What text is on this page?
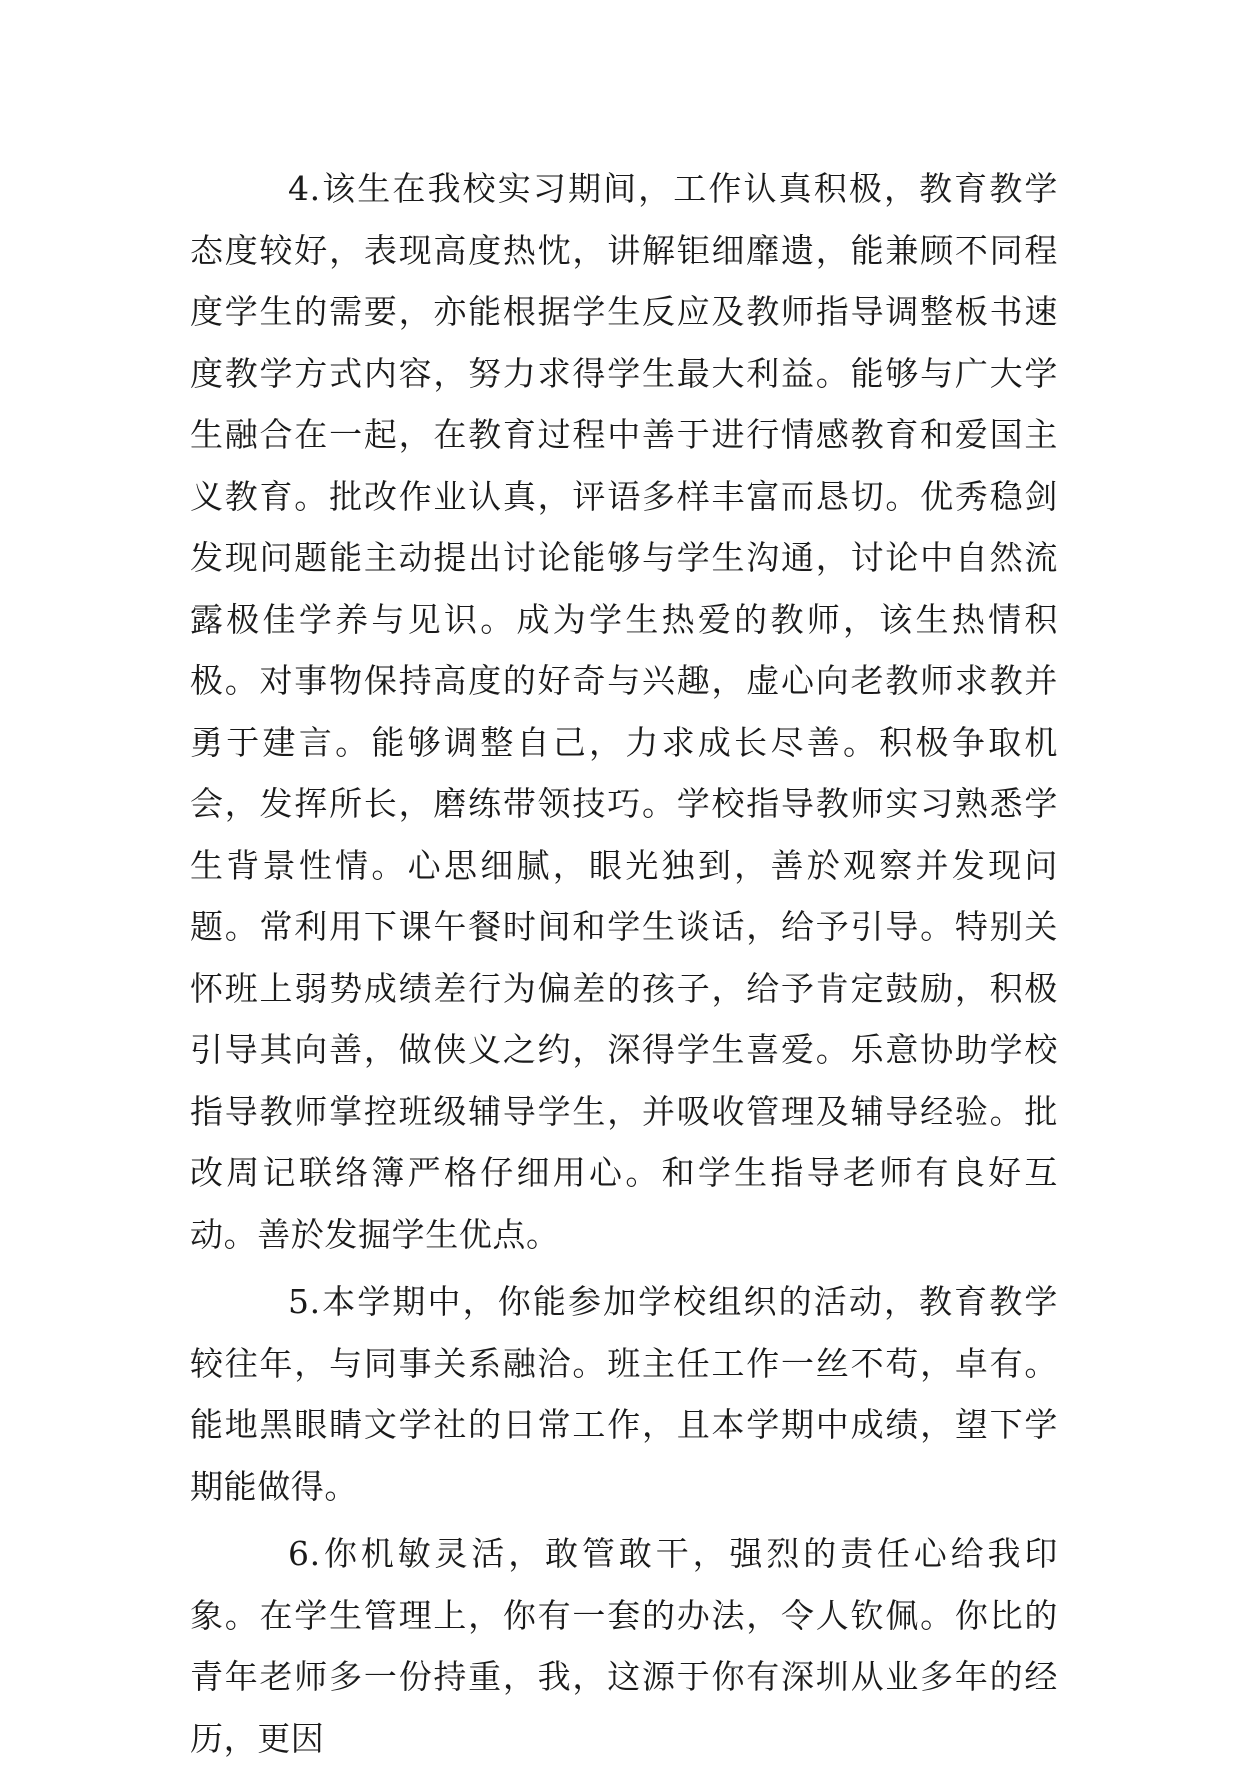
4.该生在我校实习期间，工作认真积极，教育教学态度较好，表现高度热忱，讲解钜细靡遗，能兼顾不同程度学生的需要，亦能根据学生反应及教师指导调整板书速度教学方式内容，努力求得学生最大利益。能够与广大学生融合在一起，在教育过程中善于进行情感教育和爱国主义教育。批改作业认真，评语多样丰富而恳切。优秀稳剑发现问题能主动提出讨论能够与学生沟通，讨论中自然流露极佳学养与见识。成为学生热爱的教师，该生热情积极。对事物保持高度的好奇与兴趣，虚心向老教师求教并勇于建言。能够调整自己，力求成长尽善。积极争取机会，发挥所长，磨练带领技巧。学校指导教师实习熟悉学生背景性情。心思细腻，眼光独到，善於观察并发现问题。常利用下课午餐时间和学生谈话，给予引导。特别关怀班上弱势成绩差行为偏差的孩子，给予肯定鼓励，积极引导其向善，做侠义之约，深得学生喜爱。乐意协助学校指导教师掌控班级辅导学生，并吸收管理及辅导经验。批改周记联络簿严格仔细用心。和学生指导老师有良好互动。善於发掘学生优点。

5.本学期中，你能参加学校组织的活动，教育教学较往年，与同事关系融洽。班主任工作一丝不苟，卓有。能地黑眼睛文学社的日常工作，且本学期中成绩，望下学期能做得。

6.你机敏灵活，敢管敢干，强烈的责任心给我印象。在学生管理上，你有一套的办法，令人钦佩。你比的青年老师多一份持重，我，这源于你有深圳从业多年的经历，更因
